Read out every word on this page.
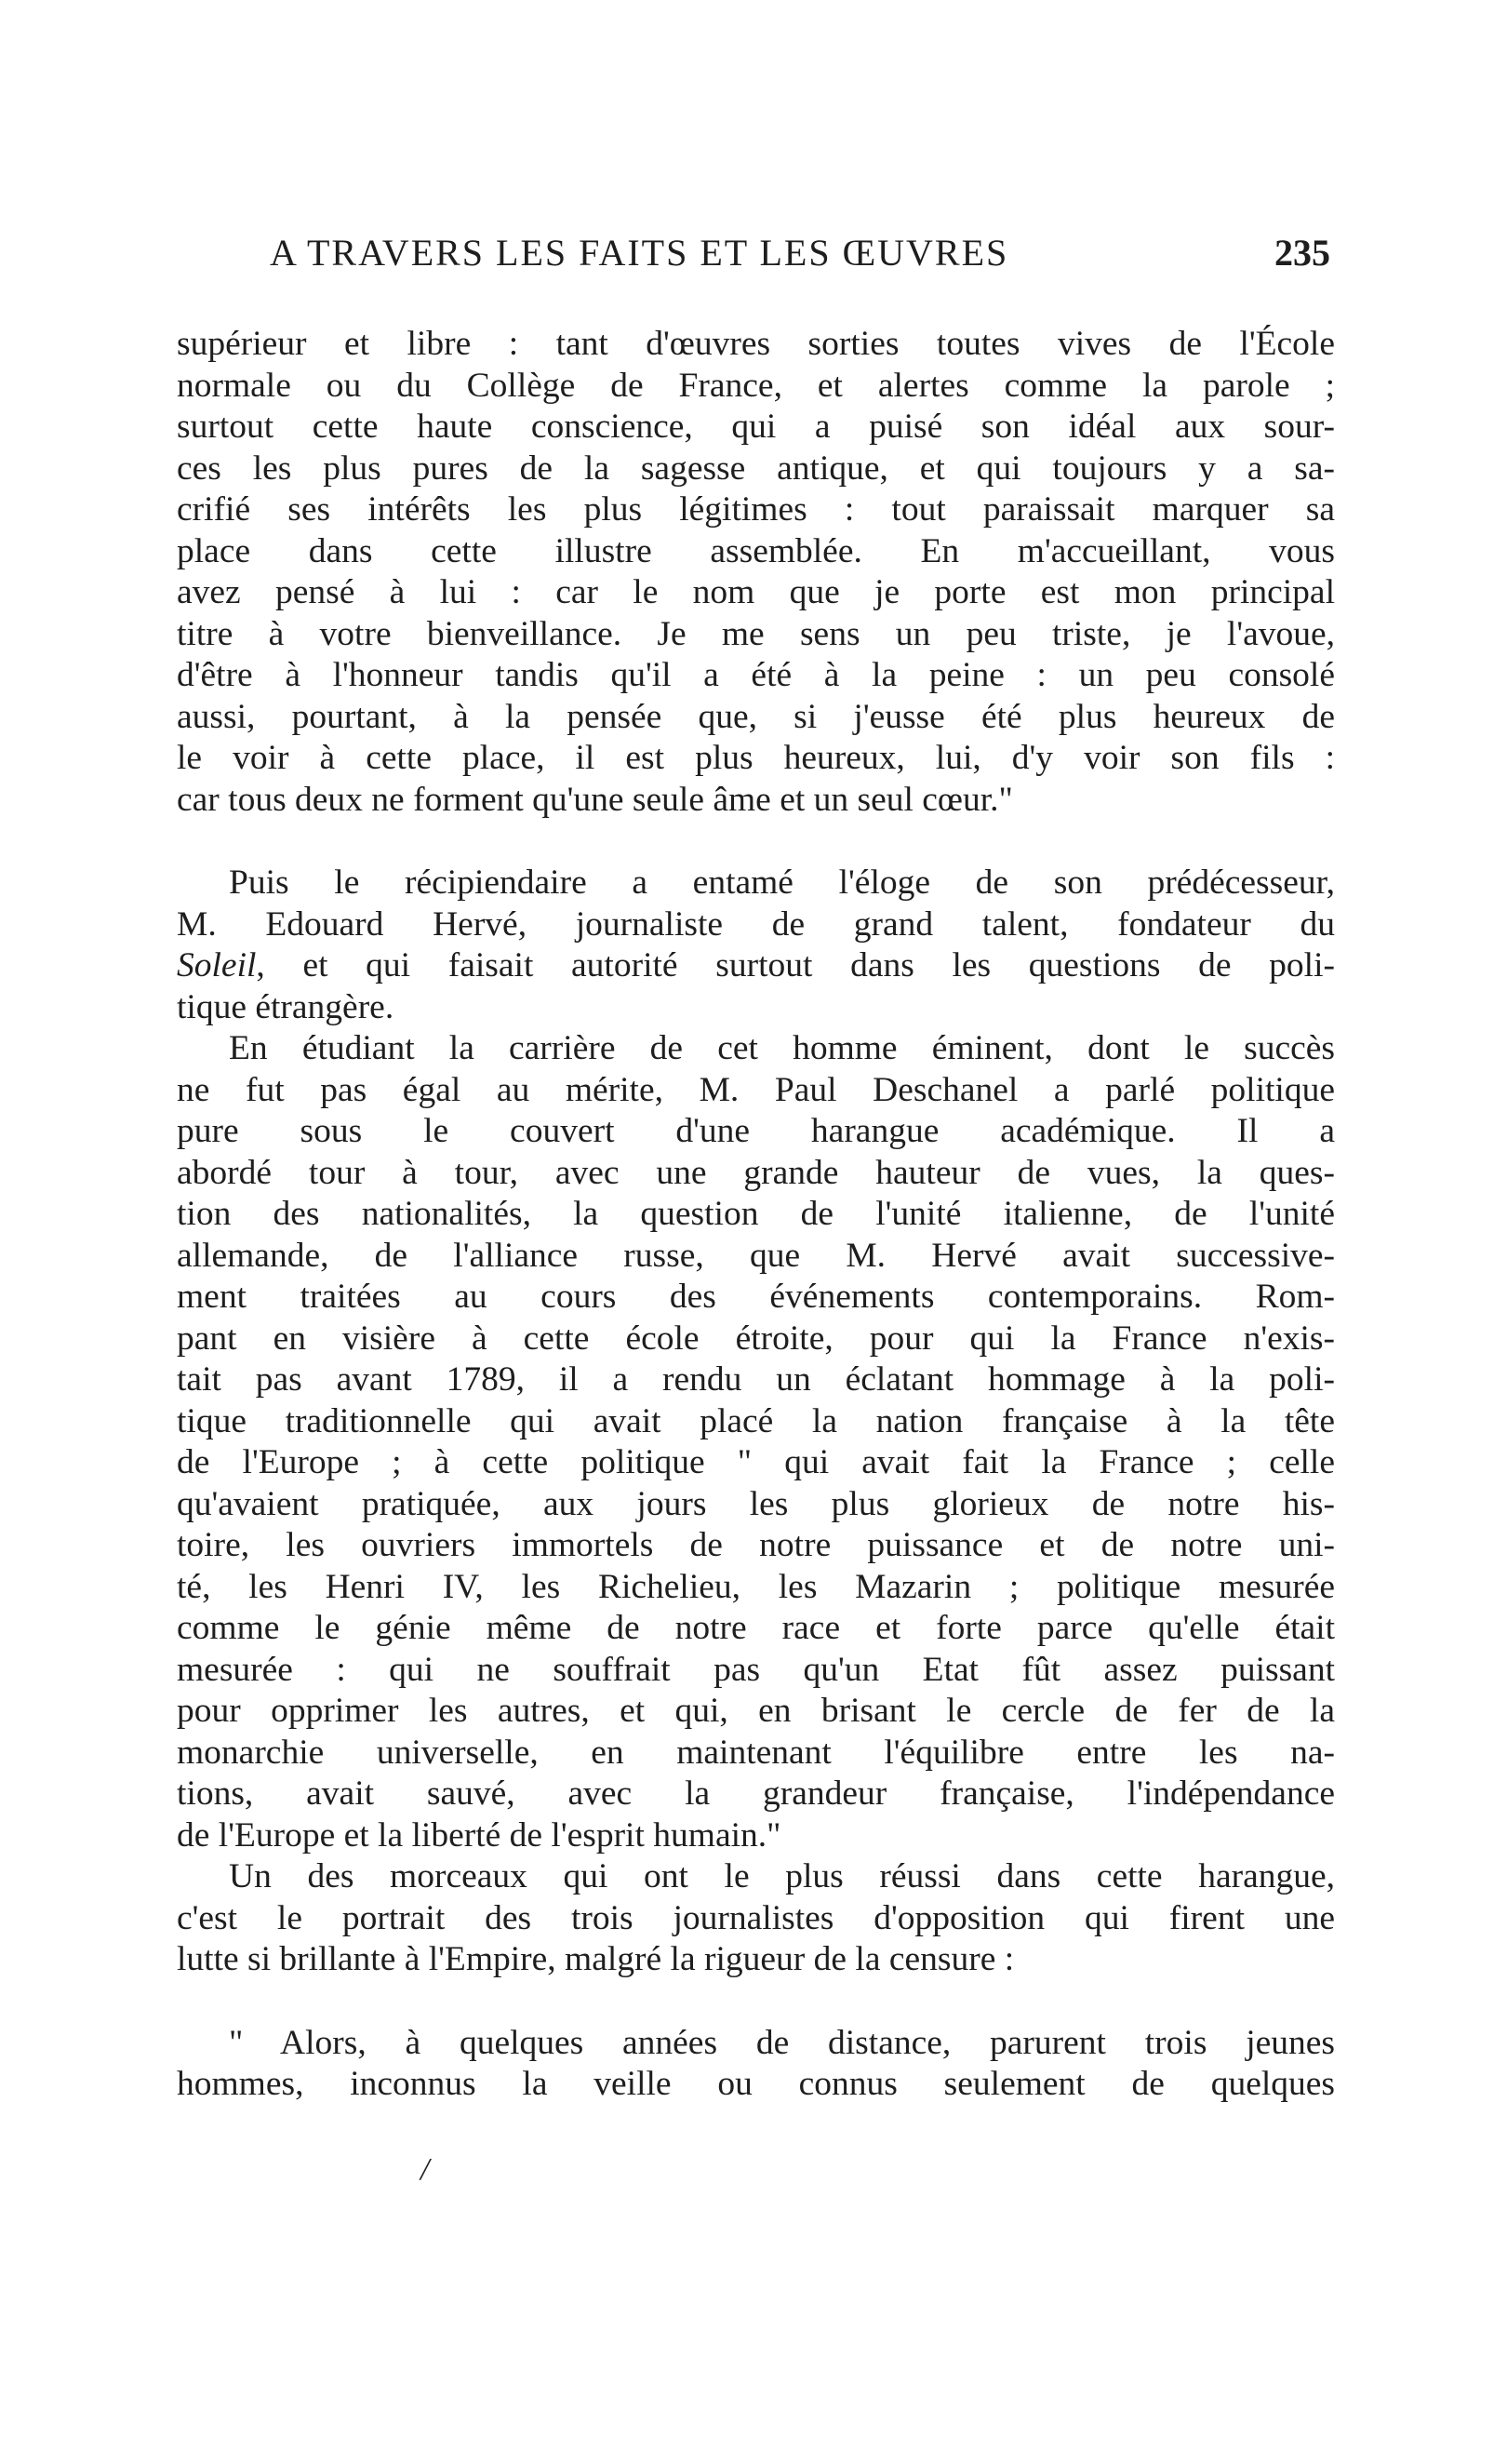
A TRAVERS LES FAITS ET LES ŒUVRES	235
supérieur et libre : tant d'œuvres sorties toutes vives de l'École
normale ou du Collège de France, et alertes comme la parole ;
surtout cette haute conscience, qui a puisé son idéal aux sour-
ces les plus pures de la sagesse antique, et qui toujours y a sa-
crifié ses intérêts les plus légitimes : tout paraissait marquer sa
place dans cette illustre assemblée. En m'accueillant, vous
avez pensé à lui : car le nom que je porte est mon principal
titre à votre bienveillance. Je me sens un peu triste, je l'avoue,
d'être à l'honneur tandis qu'il a été à la peine : un peu consolé
aussi, pourtant, à la pensée que, si j'eusse été plus heureux de
le voir à cette place, il est plus heureux, lui, d'y voir son fils :
car tous deux ne forment qu'une seule âme et un seul cœur."
Puis le récipiendaire a entamé l'éloge de son prédécesseur,
M. Edouard Hervé, journaliste de grand talent, fondateur du
Soleil, et qui faisait autorité surtout dans les questions de poli-
tique étrangère.
En étudiant la carrière de cet homme éminent, dont le succès
ne fut pas égal au mérite, M. Paul Deschanel a parlé politique
pure sous le couvert d'une harangue académique. Il a
abordé tour à tour, avec une grande hauteur de vues, la ques-
tion des nationalités, la question de l'unité italienne, de l'unité
allemande, de l'alliance russe, que M. Hervé avait successive-
ment traitées au cours des événements contemporains. Rom-
pant en visière à cette école étroite, pour qui la France n'exis-
tait pas avant 1789, il a rendu un éclatant hommage à la poli-
tique traditionnelle qui avait placé la nation française à la tête
de l'Europe ; à cette politique " qui avait fait la France ; celle
qu'avaient pratiquée, aux jours les plus glorieux de notre his-
toire, les ouvriers immortels de notre puissance et de notre uni-
té, les Henri IV, les Richelieu, les Mazarin ; politique mesurée
comme le génie même de notre race et forte parce qu'elle était
mesurée : qui ne souffrait pas qu'un Etat fût assez puissant
pour opprimer les autres, et qui, en brisant le cercle de fer de la
monarchie universelle, en maintenant l'équilibre entre les na-
tions, avait sauvé, avec la grandeur française, l'indépendance
de l'Europe et la liberté de l'esprit humain."
Un des morceaux qui ont le plus réussi dans cette harangue,
c'est le portrait des trois journalistes d'opposition qui firent une
lutte si brillante à l'Empire, malgré la rigueur de la censure :
" Alors, à quelques années de distance, parurent trois jeunes
hommes, inconnus la veille ou connus seulement de quelques
/
